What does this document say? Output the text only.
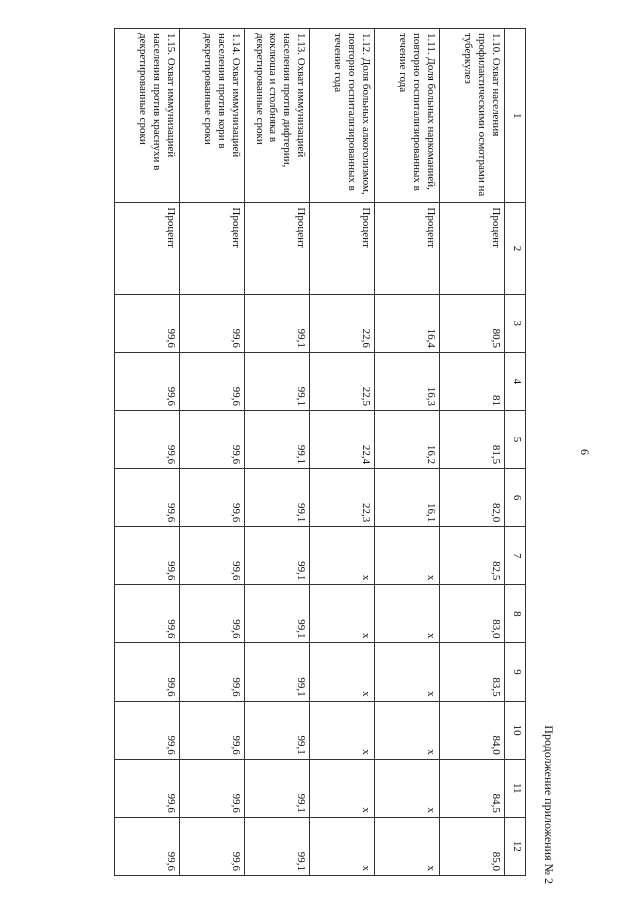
6
Продолжение приложения № 2
1	2	3	4	5	6	7	8	9	10	11	12
1.10. Охват населения профилактическими осмотрами на туберкулез	Процент	80,5	81	81,5	82,0	82,5	83,0	83,5	84,0	84,5	85,0
1.11. Доля больных наркоманией, повторно госпитализированных в течение года	Процент	16,4	16,3	16,2	16,1	x	x	x	x	x	x
1.12. Доля больных алкоголизмом, повторно госпитализированных в течение года	Процент	22,6	22,5	22,4	22,3	x	x	x	x	x	x
1.13. Охват иммунизацией населения против дифтерии, коклюша и столбняка в декретированные сроки	Процент	99,1	99,1	99,1	99,1	99,1	99,1	99,1	99,1	99,1	99,1
1.14. Охват иммунизацией населения против кори в декретированные сроки	Процент	99,6	99,6	99,6	99,6	99,6	99,6	99,6	99,6	99,6	99,6
1.15. Охват иммунизацией населения против краснухи в декретированные сроки	Процент	99,6	99,6	99,6	99,6	99,6	99,6	99,6	99,6	99,6	99,6
